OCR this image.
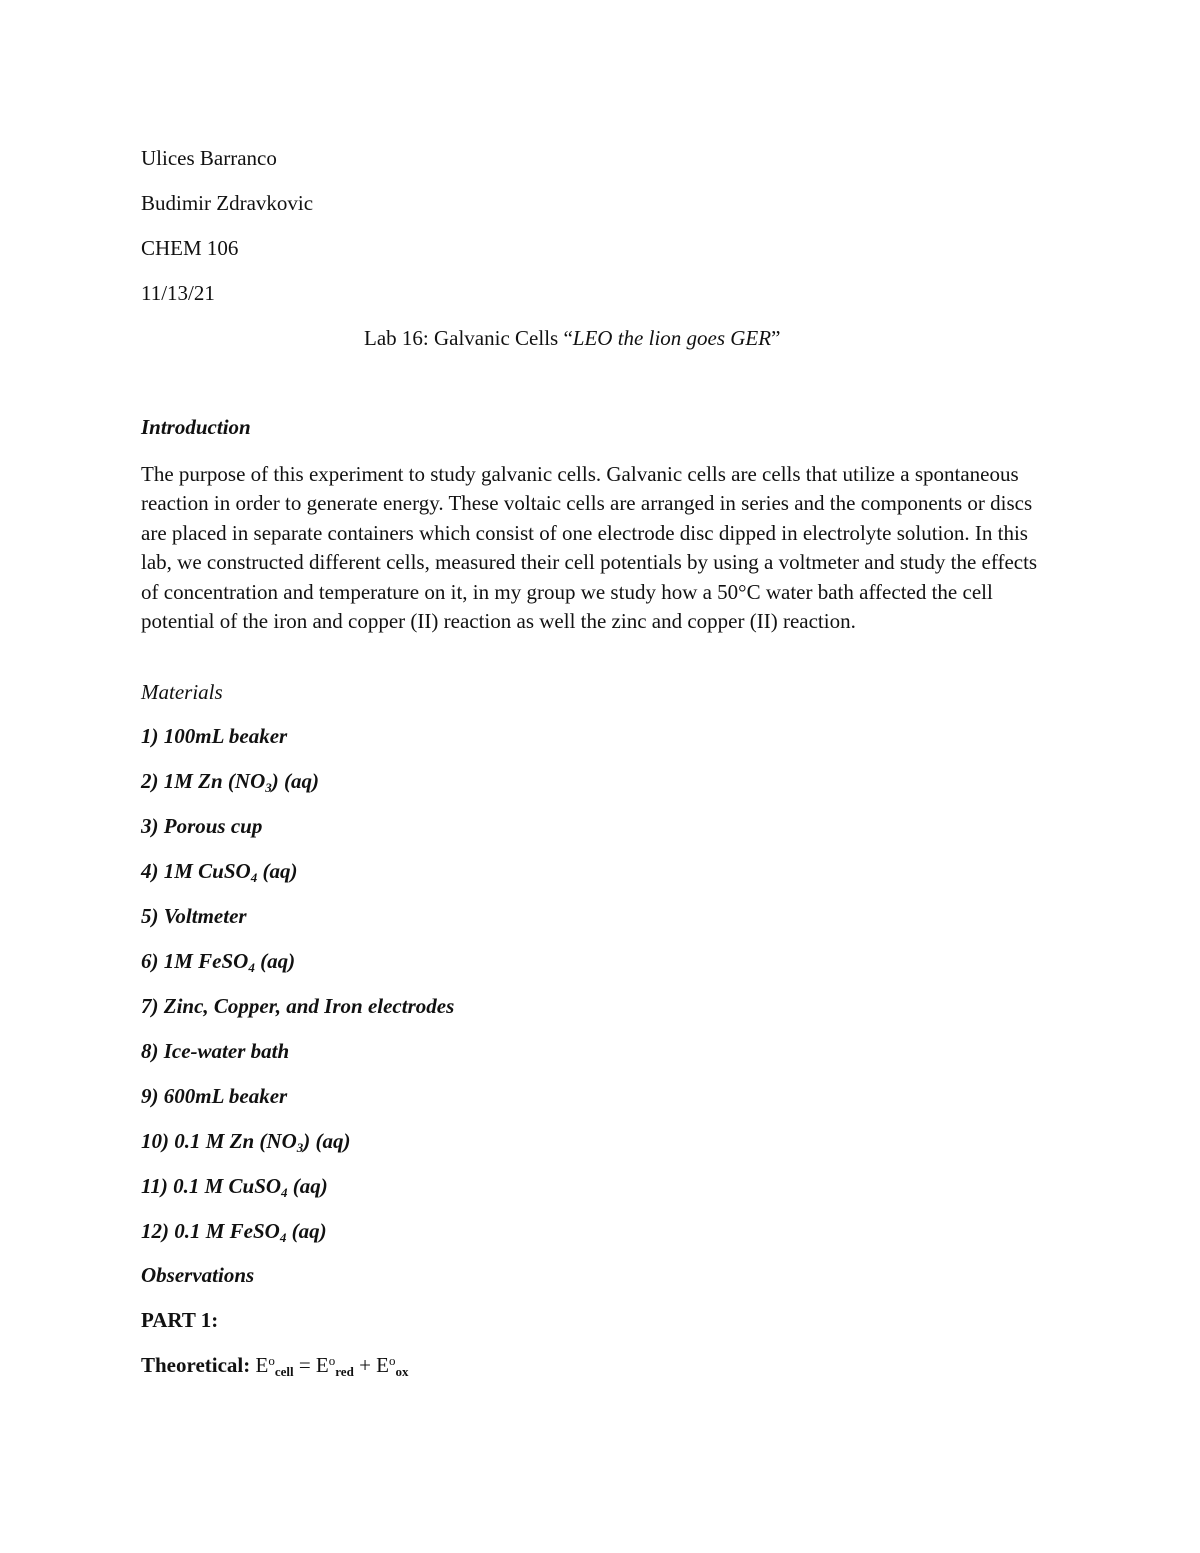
Ulices Barranco
Budimir Zdravkovic
CHEM 106
11/13/21
Lab 16: Galvanic Cells “LEO the lion goes GER”
Introduction

The purpose of this experiment to study galvanic cells. Galvanic cells are cells that utilize a spontaneous reaction in order to generate energy. These voltaic cells are arranged in series and the components or discs are placed in separate containers which consist of one electrode disc dipped in electrolyte solution. In this lab, we constructed different cells, measured their cell potentials by using a voltmeter and study the effects of concentration and temperature on it, in my group we study how a 50°C water bath affected the cell potential of the iron and copper (II) reaction as well the zinc and copper (II) reaction.

Materials
1) 100mL beaker
2) 1M Zn $(NO_3)$ (aq)
3) Porous cup
4) 1M CuSO$_4$ (aq)
5) Voltmeter
6) 1M FeSO$_4$ (aq)
7) Zinc, Copper, and Iron electrodes
8) Ice-water bath
9) 600mL beaker
10) 0.1 M Zn $(NO_3)$ (aq)
11) 0.1 M CuSO$_4$ (aq)
12) 0.1 M FeSO$_4$ (aq)
Observations
PART 1:
Theoretical: $E^o_{cell} = E^o_{red} + E^o_{ox}$
